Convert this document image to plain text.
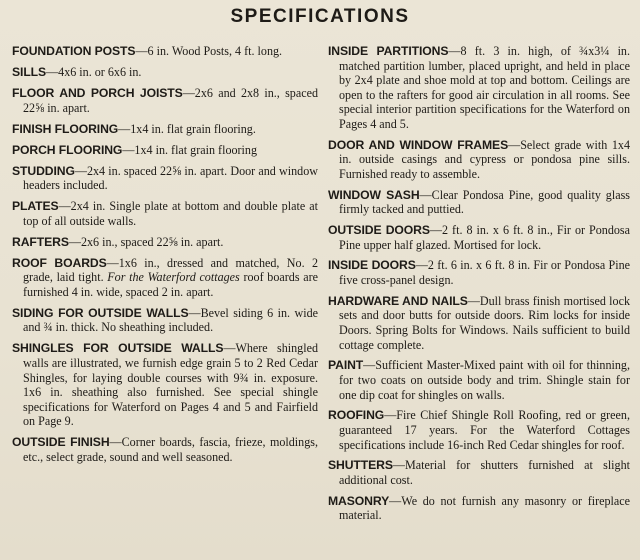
SPECIFICATIONS

FOUNDATION POSTS—6 in. Wood Posts, 4 ft. long.

SILLS—4x6 in. or 6x6 in.

FLOOR AND PORCH JOISTS—2x6 and 2x8 in., spaced 22⅝ in. apart.

FINISH FLOORING—1x4 in. flat grain flooring.

PORCH FLOORING—1x4 in. flat grain flooring

STUDDING—2x4 in. spaced 22⅝ in. apart. Door and window headers included.

PLATES—2x4 in. Single plate at bottom and double plate at top of all outside walls.

RAFTERS—2x6 in., spaced 22⅝ in. apart.

ROOF BOARDS—1x6 in., dressed and matched, No. 2 grade, laid tight. For the Waterford cottages roof boards are furnished 4 in. wide, spaced 2 in. apart.

SIDING FOR OUTSIDE WALLS—Bevel siding 6 in. wide and ¾ in. thick. No sheathing included.

SHINGLES FOR OUTSIDE WALLS—Where shingled walls are illustrated, we furnish edge grain 5 to 2 Red Cedar Shingles, for laying double courses with 9¾ in. exposure. 1x6 in. sheathing also furnished. See special shingle specifications for Waterford on Pages 4 and 5 and Fairfield on Page 9.

OUTSIDE FINISH—Corner boards, fascia, frieze, moldings, etc., select grade, sound and well seasoned.

INSIDE PARTITIONS—8 ft. 3 in. high, of ¾x3¼ in. matched partition lumber, placed upright, and held in place by 2x4 plate and shoe mold at top and bottom. Ceilings are open to the rafters for good air circulation in all rooms. See special interior partition specifications for the Waterford on Pages 4 and 5.

DOOR AND WINDOW FRAMES—Select grade with 1x4 in. outside casings and cypress or pondosa pine sills. Furnished ready to assemble.

WINDOW SASH—Clear Pondosa Pine, good quality glass firmly tacked and puttied.

OUTSIDE DOORS—2 ft. 8 in. x 6 ft. 8 in., Fir or Pondosa Pine upper half glazed. Mortised for lock.

INSIDE DOORS—2 ft. 6 in. x 6 ft. 8 in. Fir or Pondosa Pine five cross-panel design.

HARDWARE AND NAILS—Dull brass finish mortised lock sets and door butts for outside doors. Rim locks for inside Doors. Spring Bolts for Windows. Nails sufficient to build cottage complete.

PAINT—Sufficient Master-Mixed paint with oil for thinning, for two coats on outside body and trim. Shingle stain for one dip coat for shingles on walls.

ROOFING—Fire Chief Shingle Roll Roofing, red or green, guaranteed 17 years. For the Waterford Cottages specifications include 16-inch Red Cedar shingles for roof.

SHUTTERS—Material for shutters furnished at slight additional cost.

MASONRY—We do not furnish any masonry or fireplace material.
